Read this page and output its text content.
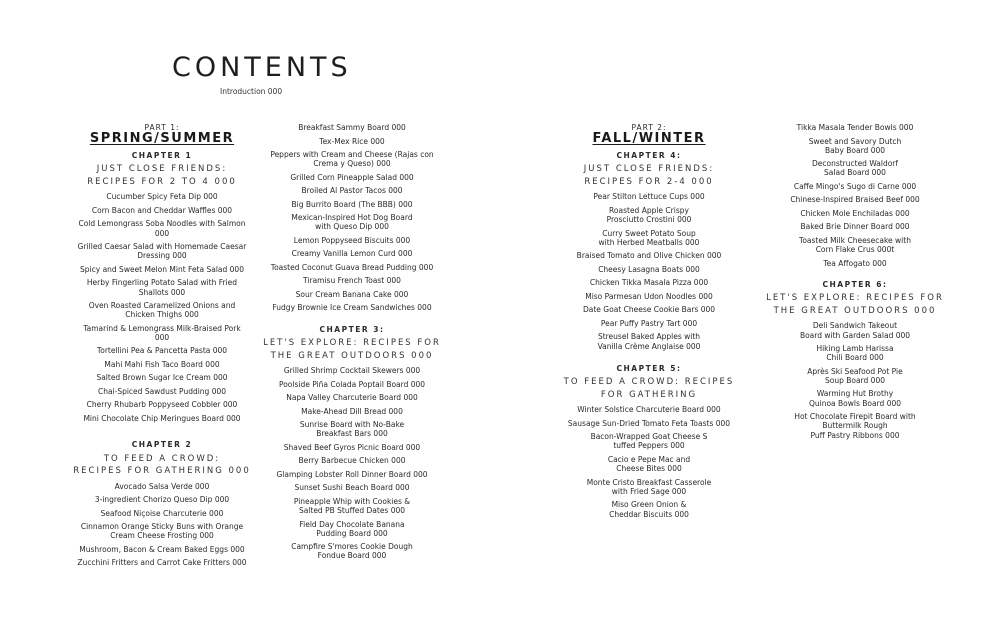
CONTENTS
Introduction 000
PART 1:
SPRING/SUMMER
CHAPTER 1
JUST CLOSE FRIENDS:
RECIPES FOR 2 TO 4 000
Cucumber Spicy Feta Dip 000
Corn Bacon and Cheddar Waffles 000
Cold Lemongrass Soba Noodles with Salmon
000
Grilled Caesar Salad with Homemade Caesar
Dressing 000
Spicy and Sweet Melon Mint Feta Salad 000
Herby Fingerling Potato Salad with Fried
Shallots 000
Oven Roasted Caramelized Onions and
Chicken Thighs 000
Tamarind & Lemongrass Milk-Braised Pork
000
Tortellini Pea & Pancetta Pasta 000
Mahi Mahi Fish Taco Board 000
Salted Brown Sugar Ice Cream 000
Chai-Spiced Sawdust Pudding 000
Cherry Rhubarb Poppyseed Cobbler 000
Mini Chocolate Chip Meringues Board 000
CHAPTER 2
TO FEED A CROWD:
RECIPES FOR GATHERING 000
Avocado Salsa Verde 000
3-ingredient Chorizo Queso Dip 000
Seafood Niçoise Charcuterie 000
Cinnamon Orange Sticky Buns with Orange
Cream Cheese Frosting 000
Mushroom, Bacon & Cream Baked Eggs 000
Zucchini Fritters and Carrot Cake Fritters 000
Breakfast Sammy Board 000
Tex-Mex Rice 000
Peppers with Cream and Cheese (Rajas con
Crema y Queso) 000
Grilled Corn Pineapple Salad 000
Broiled Al Pastor Tacos 000
Big Burrito Board (The BBB) 000
Mexican-Inspired Hot Dog Board
with Queso Dip 000
Lemon Poppyseed Biscuits 000
Creamy Vanilla Lemon Curd 000
Toasted Coconut Guava Bread Pudding 000
Tiramisu French Toast 000
Sour Cream Banana Cake 000
Fudgy Brownie Ice Cream Sandwiches 000
CHAPTER 3:
LET'S EXPLORE: RECIPES FOR
THE GREAT OUTDOORS 000
Grilled Shrimp Cocktail Skewers 000
Poolside Piña Colada Poptail Board 000
Napa Valley Charcuterie Board 000
Make-Ahead Dill Bread 000
Sunrise Board with No-Bake
Breakfast Bars 000
Shaved Beef Gyros Picnic Board 000
Berry Barbecue Chicken 000
Glamping Lobster Roll Dinner Board 000
Sunset Sushi Beach Board 000
Pineapple Whip with Cookies &
Salted PB Stuffed Dates 000
Field Day Chocolate Banana
Pudding Board 000
Campfire S'mores Cookie Dough
Fondue Board 000
PART 2:
FALL/WINTER
CHAPTER 4:
JUST CLOSE FRIENDS:
RECIPES FOR 2-4 000
Pear Stilton Lettuce Cups 000
Roasted Apple Crispy
Prosciutto Crostini 000
Curry Sweet Potato Soup
with Herbed Meatballs 000
Braised Tomato and Olive Chicken 000
Cheesy Lasagna Boats 000
Chicken Tikka Masala Pizza 000
Miso Parmesan Udon Noodles 000
Date Goat Cheese Cookie Bars 000
Pear Puffy Pastry Tart 000
Streusel Baked Apples with
Vanilla Crème Anglaise 000
CHAPTER 5:
TO FEED A CROWD: RECIPES
FOR GATHERING
Winter Solstice Charcuterie Board 000
Sausage Sun-Dried Tomato Feta Toasts 000
Bacon-Wrapped Goat Cheese S
tuffed Peppers 000
Cacio e Pepe Mac and
Cheese Bites 000
Monte Cristo Breakfast Casserole
with Fried Sage 000
Miso Green Onion &
Cheddar Biscuits 000
Tikka Masala Tender Bowls 000
Sweet and Savory Dutch
Baby Board 000
Deconstructed Waldorf
Salad Board 000
Caffe Mingo's Sugo di Carne 000
Chinese-Inspired Braised Beef 000
Chicken Mole Enchiladas 000
Baked Brie Dinner Board 000
Toasted Milk Cheesecake with
Corn Flake Crus 000t
Tea Affogato 000
CHAPTER 6:
LET'S EXPLORE: RECIPES FOR
THE GREAT OUTDOORS 000
Deli Sandwich Takeout
Board with Garden Salad 000
Hiking Lamb Harissa
Chili Board 000
Après Ski Seafood Pot Pie
Soup Board 000
Warming Hut Brothy
Quinoa Bowls Board 000
Hot Chocolate Firepit Board with
Buttermilk Rough
Puff Pastry Ribbons 000
